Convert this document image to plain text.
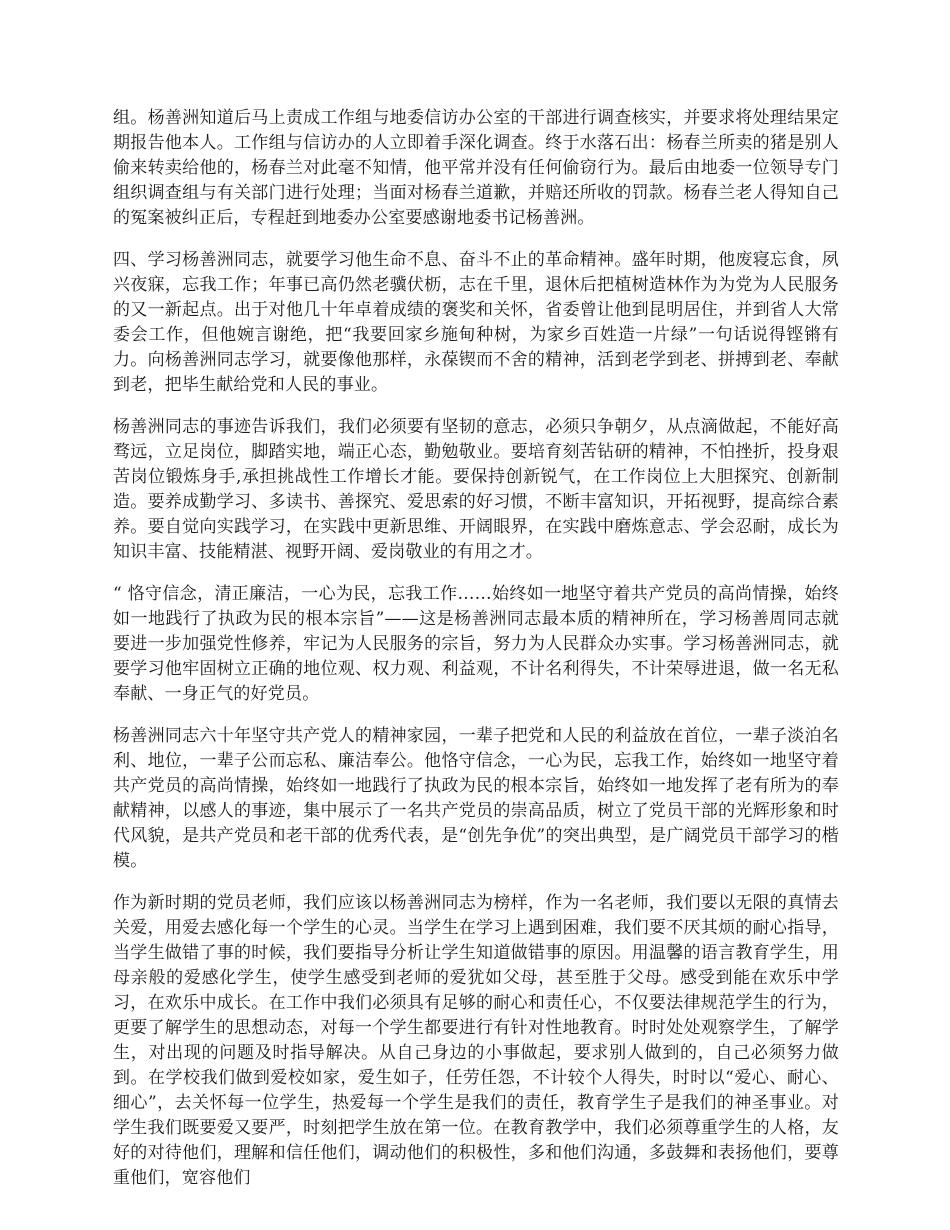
组。杨善洲知道后马上责成工作组与地委信访办公室的干部进行调查核实，并要求将处理结果定期报告他本人。工作组与信访办的人立即着手深化调查。终于水落石出：杨春兰所卖的猪是别人偷来转卖给他的，杨春兰对此毫不知情，他平常并没有任何偷窃行为。最后由地委一位领导专门组织调查组与有关部门进行处理；当面对杨春兰道歉，并赔还所收的罚款。杨春兰老人得知自己的冤案被纠正后，专程赶到地委办公室要感谢地委书记杨善洲。

四、学习杨善洲同志，就要学习他生命不息、奋斗不止的革命精神。盛年时期，他废寝忘食，夙兴夜寐，忘我工作；年事已高仍然老骥伏枥，志在千里，退休后把植树造林作为为党为人民服务的又一新起点。出于对他几十年卓着成绩的褒奖和关怀，省委曾让他到昆明居住，并到省人大常委会工作，但他婉言谢绝，把“我要回家乡施甸种树，为家乡百姓造一片绿”一句话说得铿锵有力。向杨善洲同志学习，就要像他那样，永葆锲而不舍的精神，活到老学到老、拼搏到老、奉献到老，把毕生献给党和人民的事业。

杨善洲同志的事迹告诉我们，我们必须要有坚韧的意志，必须只争朝夕，从点滴做起，不能好高骛远，立足岗位，脚踏实地，端正心态，勤勉敬业。要培育刻苦钻研的精神，不怕挫折，投身艰苦岗位锻炼身手,承担挑战性工作增长才能。要保持创新锐气，在工作岗位上大胆探究、创新制造。要养成勤学习、多读书、善探究、爱思索的好习惯，不断丰富知识，开拓视野，提高综合素养。要自觉向实践学习，在实践中更新思维、开阔眼界，在实践中磨炼意志、学会忍耐，成长为知识丰富、技能精湛、视野开阔、爱岗敬业的有用之才。

“ 恪守信念，清正廉洁，一心为民，忘我工作……始终如一地坚守着共产党员的高尚情操，始终如一地践行了执政为民的根本宗旨”——这是杨善洲同志最本质的精神所在，学习杨善周同志就要进一步加强党性修养，牢记为人民服务的宗旨，努力为人民群众办实事。学习杨善洲同志，就要学习他牢固树立正确的地位观、权力观、利益观，不计名利得失，不计荣辱进退，做一名无私奉献、一身正气的好党员。

杨善洲同志六十年坚守共产党人的精神家园，一辈子把党和人民的利益放在首位，一辈子淡泊名利、地位，一辈子公而忘私、廉洁奉公。他恪守信念，一心为民，忘我工作，始终如一地坚守着共产党员的高尚情操，始终如一地践行了执政为民的根本宗旨，始终如一地发挥了老有所为的奉献精神，以感人的事迹，集中展示了一名共产党员的崇高品质，树立了党员干部的光辉形象和时代风貌，是共产党员和老干部的优秀代表，是“创先争优”的突出典型，是广阔党员干部学习的楷模。

作为新时期的党员老师，我们应该以杨善洲同志为榜样，作为一名老师，我们要以无限的真情去关爱，用爱去感化每一个学生的心灵。当学生在学习上遇到困难，我们要不厌其烦的耐心指导，当学生做错了事的时候，我们要指导分析让学生知道做错事的原因。用温馨的语言教育学生，用母亲般的爱感化学生，使学生感受到老师的爱犹如父母，甚至胜于父母。感受到能在欢乐中学习，在欢乐中成长。在工作中我们必须具有足够的耐心和责任心，不仅要法律规范学生的行为，更要了解学生的思想动态，对每一个学生都要进行有针对性地教育。时时处处观察学生，了解学生，对出现的问题及时指导解决。从自己身边的小事做起，要求别人做到的，自己必须努力做到。在学校我们做到爱校如家，爱生如子，任劳任怨，不计较个人得失，时时以“爱心、耐心、细心”，去关怀每一位学生，热爱每一个学生是我们的责任，教育学生子是我们的神圣事业。对学生我们既要爱又要严，时刻把学生放在第一位。在教育教学中，我们必须尊重学生的人格，友好的对待他们，理解和信任他们，调动他们的积极性，多和他们沟通，多鼓舞和表扬他们，要尊重他们，宽容他们
